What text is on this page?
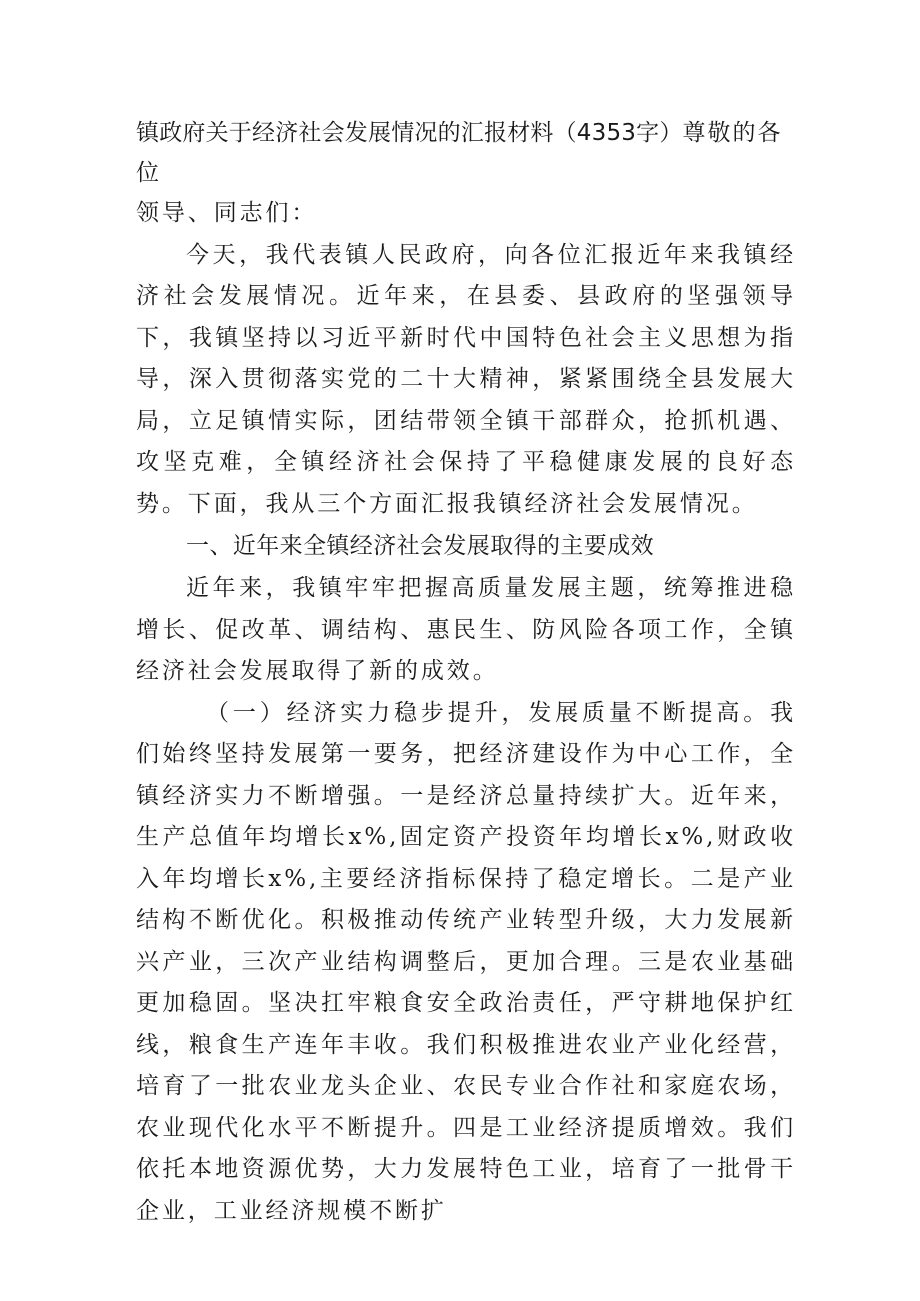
镇政府关于经济社会发展情况的汇报材料（4353字）尊敬的各位

领导、同志们：

今天，我代表镇人民政府，向各位汇报近年来我镇经济社会发展情况。近年来，在县委、县政府的坚强领导下，我镇坚持以习近平新时代中国特色社会主义思想为指导，深入贯彻落实党的二十大精神，紧紧围绕全县发展大局，立足镇情实际，团结带领全镇干部群众，抢抓机遇、攻坚克难，全镇经济社会保持了平稳健康发展的良好态势。下面，我从三个方面汇报我镇经济社会发展情况。

一、近年来全镇经济社会发展取得的主要成效

近年来，我镇牢牢把握高质量发展主题，统筹推进稳增长、促改革、调结构、惠民生、防风险各项工作，全镇经济社会发展取得了新的成效。

（一）经济实力稳步提升，发展质量不断提高。我们始终坚持发展第一要务，把经济建设作为中心工作，全镇经济实力不断增强。一是经济总量持续扩大。近年来，生产总值年均增长x%,固定资产投资年均增长x%,财政收入年均增长x%,主要经济指标保持了稳定增长。二是产业结构不断优化。积极推动传统产业转型升级，大力发展新兴产业，三次产业结构调整后，更加合理。三是农业基础更加稳固。坚决扛牢粮食安全政治责任，严守耕地保护红线，粮食生产连年丰收。我们积极推进农业产业化经营，培育了一批农业龙头企业、农民专业合作社和家庭农场，农业现代化水平不断提升。四是工业经济提质增效。我们依托本地资源优势，大力发展特色工业，培育了一批骨干企业，工业经济规模不断扩
